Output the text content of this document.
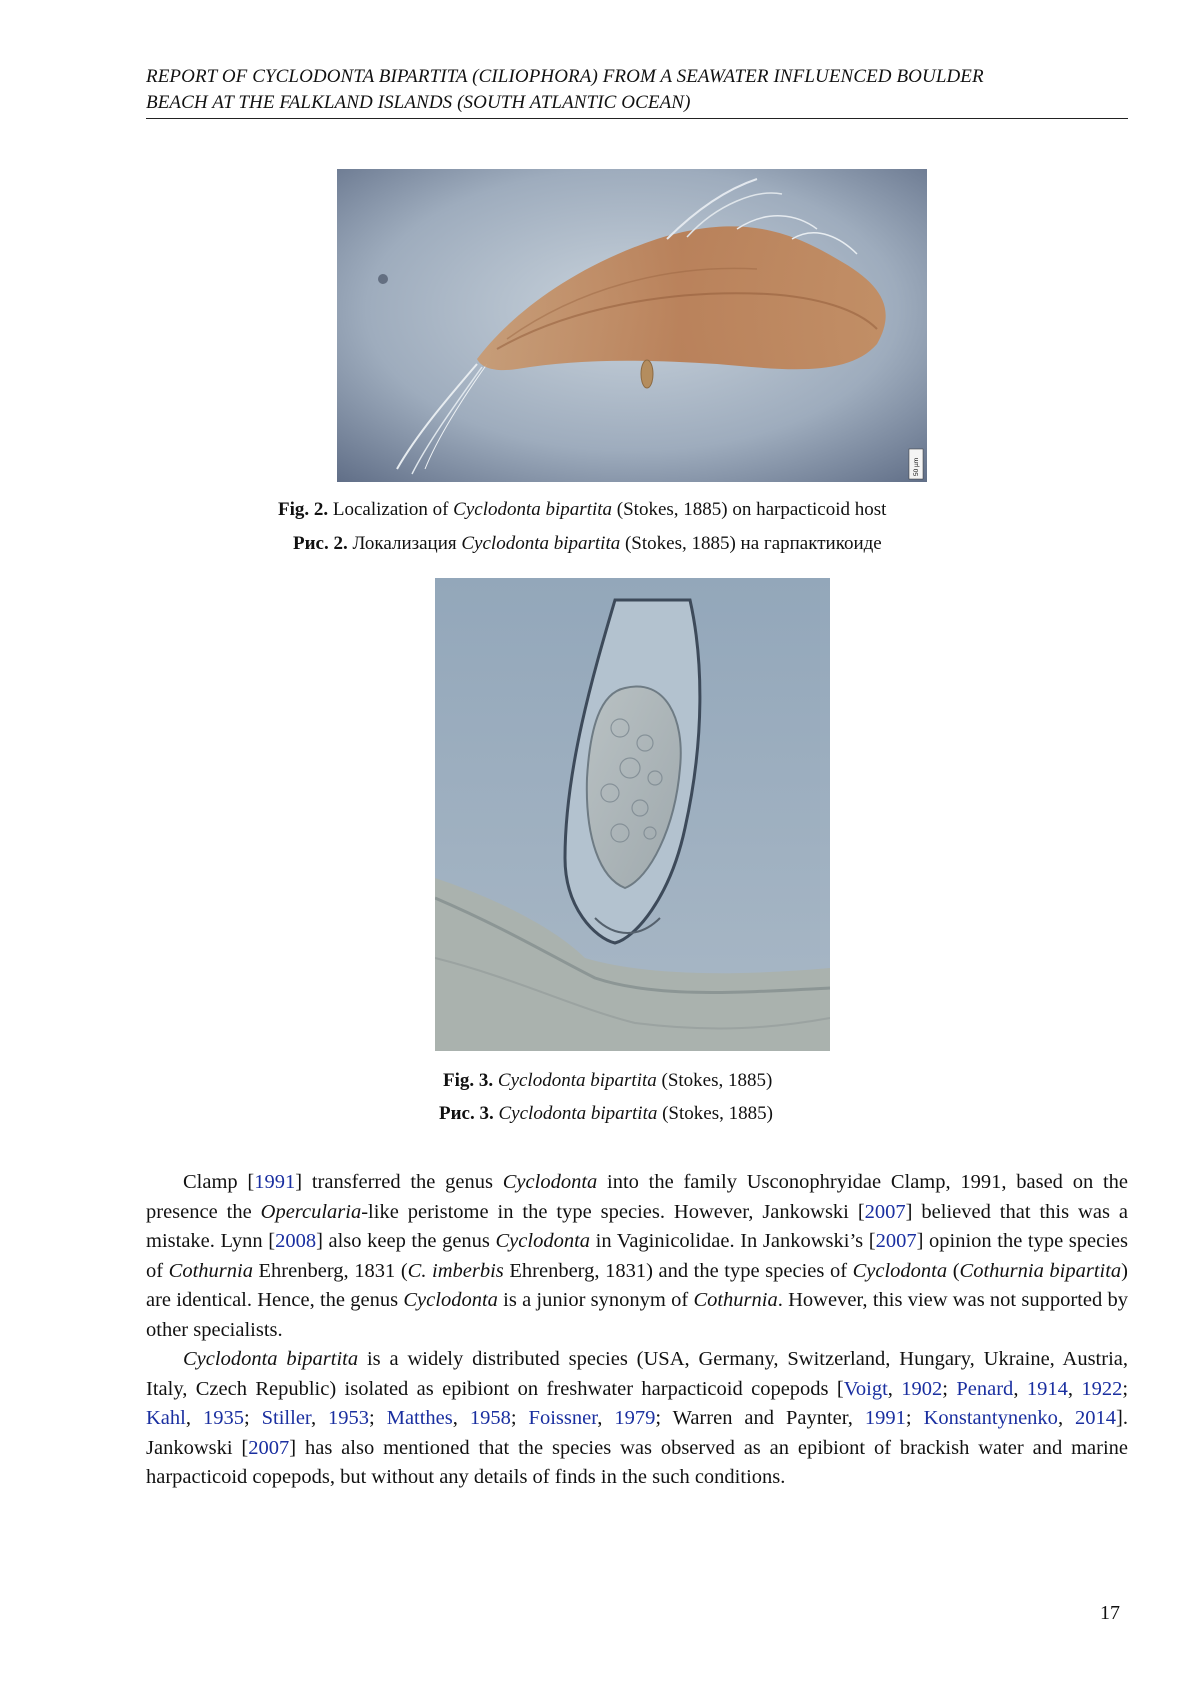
REPORT OF CYCLODONTA BIPARTITA (CILIOPHORA) FROM A SEAWATER INFLUENCED BOULDER
BEACH AT THE FALKLAND ISLANDS (SOUTH ATLANTIC OCEAN)
50 µm
Fig. 2. Localization of Cyclodonta bipartita (Stokes, 1885) on harpacticoid host
Рис. 2. Локализация Cyclodonta bipartita (Stokes, 1885) на гарпактикоиде
Fig. 3. Cyclodonta bipartita (Stokes, 1885)
Рис. 3. Cyclodonta bipartita (Stokes, 1885)

Clamp [1991] transferred the genus Cyclodonta into the family Usconophryidae Clamp, 1991, based on the presence the Opercularia-like peristome in the type species. However, Jankowski [2007] believed that this was a mistake. Lynn [2008] also keep the genus Cyclodonta in Vaginicolidae. In Jankowski’s [2007] opinion the type species of Cothurnia Ehrenberg, 1831 (C. imberbis Ehrenberg, 1831) and the type species of Cyclodonta (Cothurnia bipartita) are identical. Hence, the genus Cyclodonta is a junior synonym of Cothurnia. However, this view was not supported by other specialists.

Cyclodonta bipartita is a widely distributed species (USA, Germany, Switzerland, Hungary, Ukraine, Austria, Italy, Czech Republic) isolated as epibiont on freshwater harpacticoid copepods [Voigt, 1902; Penard, 1914, 1922; Kahl, 1935; Stiller, 1953; Matthes, 1958; Foissner, 1979; Warren and Paynter, 1991; Konstantynenko, 2014]. Jankowski [2007] has also mentioned that the species was observed as an epibiont of brackish water and marine harpacticoid copepods, but without any details of finds in the such conditions.

17
